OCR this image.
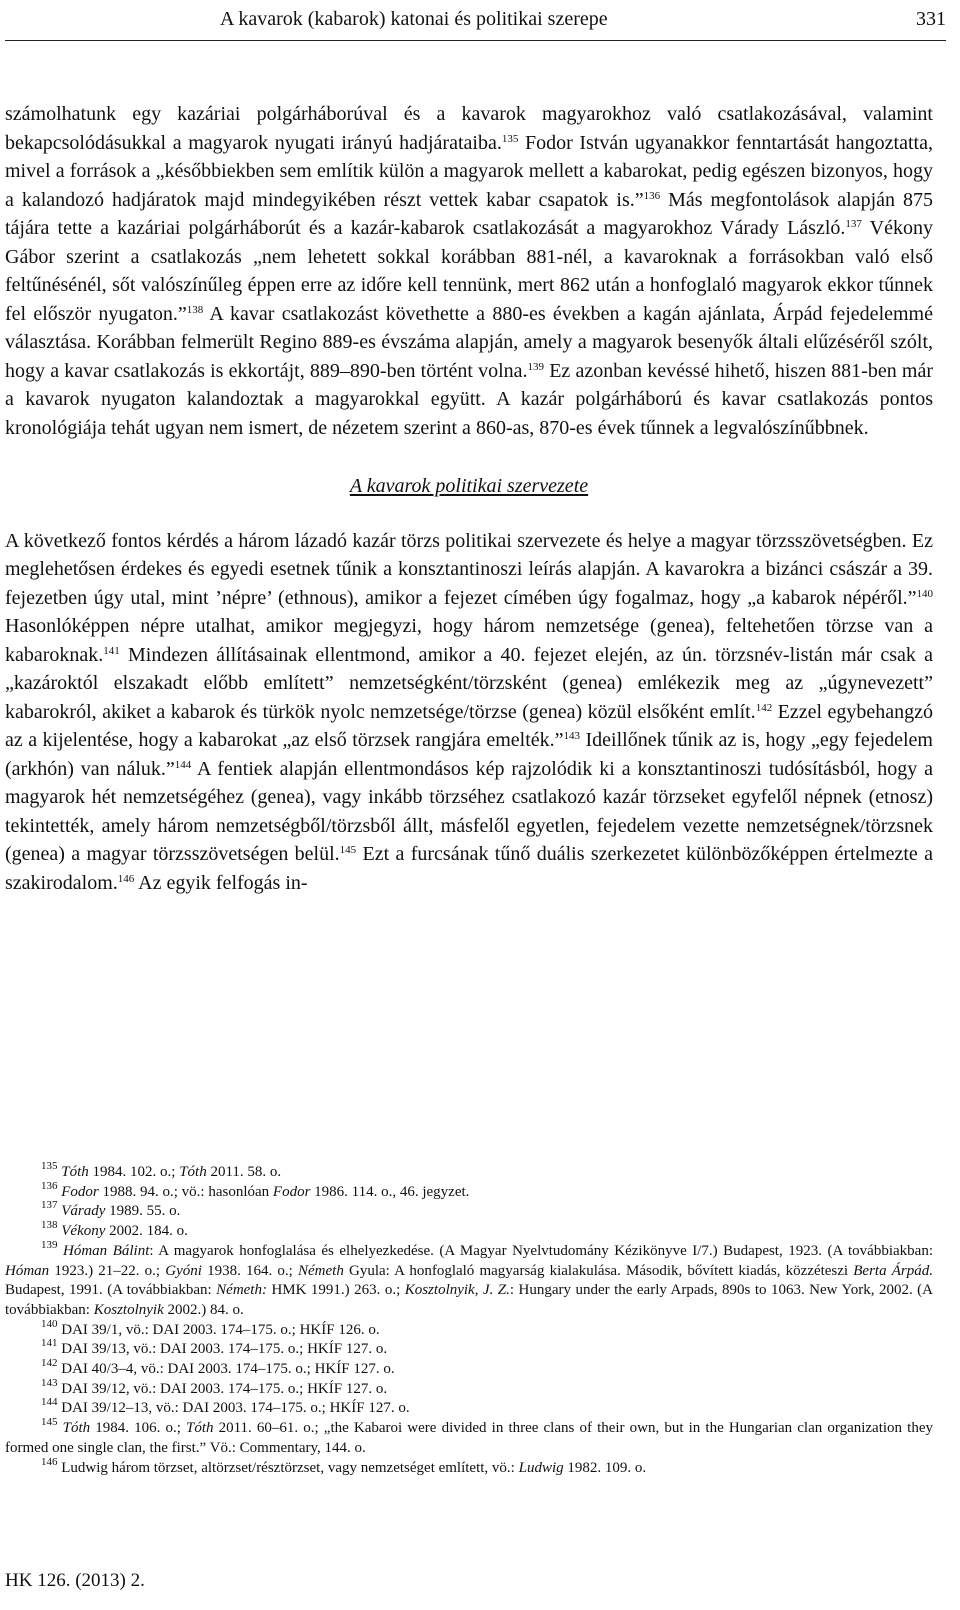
A kavarok (kabarok) katonai és politikai szerepe	331

számolhatunk egy kazáriai polgárháborúval és a kavarok magyarokhoz való csatlakozásával, valamint bekapcsolódásukkal a magyarok nyugati irányú hadjárataiba.$^{135}$ Fodor István ugyanakkor fenntartását hangoztatta, mivel a források a „későbbiekben sem említik külön a magyarok mellett a kabarokat, pedig egészen bizonyos, hogy a kalandozó hadjáratok majd mindegyikében részt vettek kabar csapatok is.”$^{136}$ Más megfontolások alapján 875 tájára tette a kazáriai polgárháborút és a kazár-kabarok csatlakozását a magyarokhoz Várady László.$^{137}$ Vékony Gábor szerint a csatlakozás „nem lehetett sokkal korábban 881-nél, a kavaroknak a forrásokban való első feltűnésénél, sőt valószínűleg éppen erre az időre kell tennünk, mert 862 után a honfoglaló magyarok ekkor tűnnek fel először nyugaton.”$^{138}$ A kavar csatlakozást követhette a 880-es években a kagán ajánlata, Árpád fejedelemmé választása. Korábban felmerült Regino 889-es évszáma alapján, amely a magyarok besenyők általi elűzéséről szólt, hogy a kavar csatlakozás is ekkortájt, 889–890-ben történt volna.$^{139}$ Ez azonban kevéssé hihető, hiszen 881-ben már a kavarok nyugaton kalandoztak a magyarokkal együtt. A kazár polgárháború és kavar csatlakozás pontos kronológiája tehát ugyan nem ismert, de nézetem szerint a 860-as, 870-es évek tűnnek a legvalószínűbbnek.

A kavarok politikai szervezete

A következő fontos kérdés a három lázadó kazár törzs politikai szervezete és helye a magyar törzsszövetségben. Ez meglehetősen érdekes és egyedi esetnek tűnik a konsztantinoszi leírás alapján. A kavarokra a bizánci császár a 39. fejezetben úgy utal, mint ’népre’ (ethnous), amikor a fejezet címében úgy fogalmaz, hogy „a kabarok népéről.”$^{140}$ Hasonlóképpen népre utalhat, amikor megjegyzi, hogy három nemzetsége (genea), feltehetően törzse van a kabaroknak.$^{141}$ Mindezen állításainak ellentmond, amikor a 40. fejezet elején, az ún. törzsnév-listán már csak a „kazároktól elszakadt előbb említett” nemzetségként/törzsként (genea) emlékezik meg az „úgynevezett” kabarokról, akiket a kabarok és türkök nyolc nemzetsége/törzse (genea) közül elsőként említ.$^{142}$ Ezzel egybehangzó az a kijelentése, hogy a kabarokat „az első törzsek rangjára emelték.”$^{143}$ Ideillőnek tűnik az is, hogy „egy fejedelem (arkhón) van náluk.”$^{144}$ A fentiek alapján ellentmondásos kép rajzolódik ki a konsztantinoszi tudósításból, hogy a magyarok hét nemzetségéhez (genea), vagy inkább törzséhez csatlakozó kazár törzseket egyfelől népnek (etnosz) tekintették, amely három nemzetségből/törzsből állt, másfelől egyetlen, fejedelem vezette nemzetségnek/törzsnek (genea) a magyar törzsszövetségen belül.$^{145}$ Ezt a furcsának tűnő duális szerkezetet különbözőképpen értelmezte a szakirodalom.$^{146}$ Az egyik felfogás in-

$^{135}$ Tóth 1984. 102. o.; Tóth 2011. 58. o.

$^{136}$ Fodor 1988. 94. o.; vö.: hasonlóan Fodor 1986. 114. o., 46. jegyzet.

$^{137}$ Várady 1989. 55. o.

$^{138}$ Vékony 2002. 184. o.

$^{139}$ Hóman Bálint: A magyarok honfoglalása és elhelyezkedése. (A Magyar Nyelvtudomány Kézikönyve I/7.) Budapest, 1923. (A továbbiakban: Hóman 1923.) 21–22. o.; Gyóni 1938. 164. o.; Németh Gyula: A honfoglaló magyarság kialakulása. Második, bővített kiadás, közzéteszi Berta Árpád. Budapest, 1991. (A továbbiakban: Németh: HMK 1991.) 263. o.; Kosztolnyik, J. Z.: Hungary under the early Arpads, 890s to 1063. New York, 2002. (A továbbiakban: Kosztolnyik 2002.) 84. o.

$^{140}$ DAI 39/1, vö.: DAI 2003. 174–175. o.; HKÍF 126. o.

$^{141}$ DAI 39/13, vö.: DAI 2003. 174–175. o.; HKÍF 127. o.

$^{142}$ DAI 40/3–4, vö.: DAI 2003. 174–175. o.; HKÍF 127. o.

$^{143}$ DAI 39/12, vö.: DAI 2003. 174–175. o.; HKÍF 127. o.

$^{144}$ DAI 39/12–13, vö.: DAI 2003. 174–175. o.; HKÍF 127. o.

$^{145}$ Tóth 1984. 106. o.; Tóth 2011. 60–61. o.; „the Kabaroi were divided in three clans of their own, but in the Hungarian clan organization they formed one single clan, the first.” Vö.: Commentary, 144. o.

$^{146}$ Ludwig három törzset, altörzset/résztörzset, vagy nemzetséget említett, vö.: Ludwig 1982. 109. o.

HK 126. (2013) 2.
